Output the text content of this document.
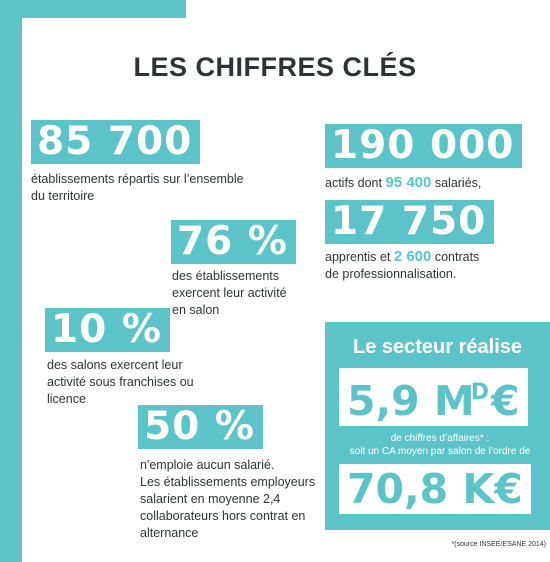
LES CHIFFRES CLÉS
85 700
établissements répartis sur l’ensemble
du territoire
190 000
actifs dont 95 400 salariés,
17 750
apprentis et 2 600 contrats
de professionnalisation.
76 %
des établissements
exercent leur activité
en salon
10 %
des salons exercent leur
activité sous franchises ou
licence
50 %
n'emploie aucun salarié.
Les établissements employeurs
salarient en moyenne 2,4
collaborateurs hors contrat en
alternance
Le secteur réalise
5,9 $M^D€$
de chiffres d’affaires* :
soit un CA moyen par salon de l’ordre de
70,8 K€
*(source INSEE/ESANE 2014)
